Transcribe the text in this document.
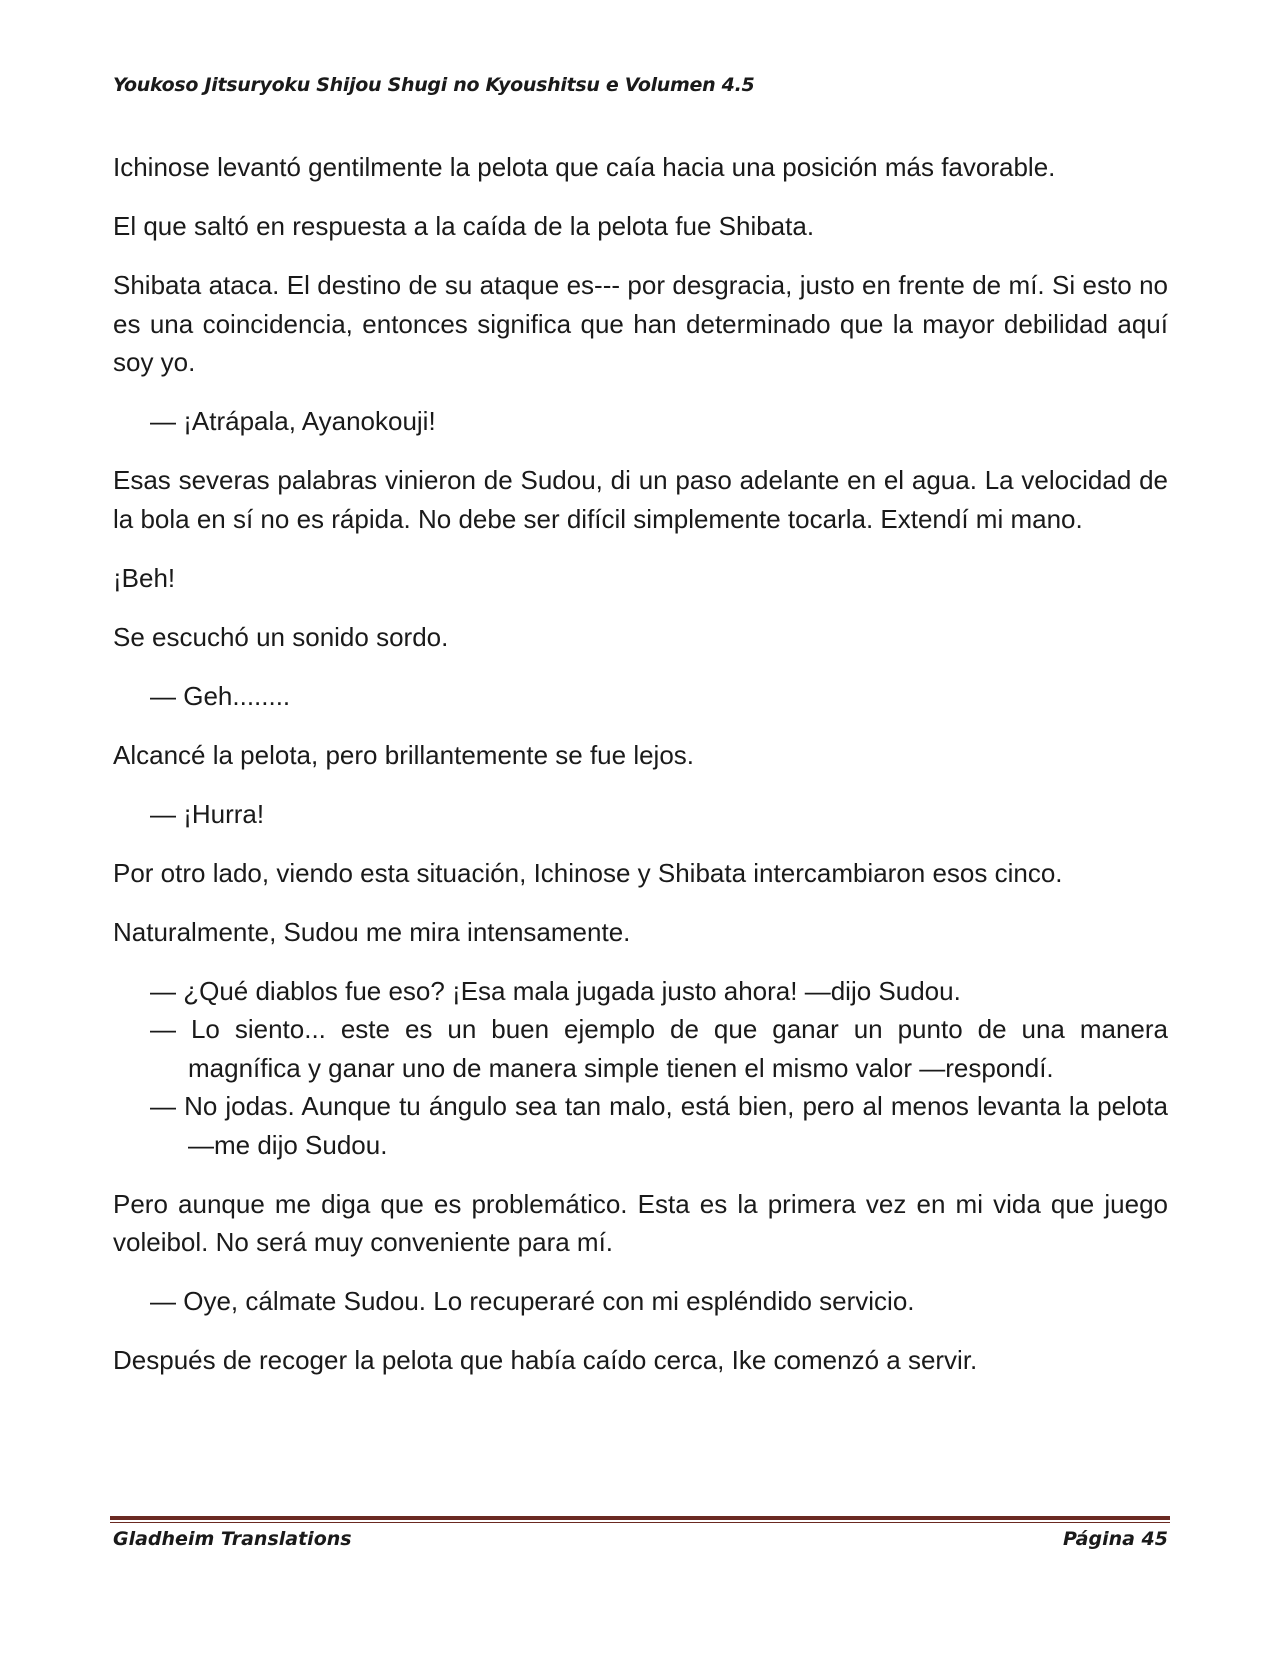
Youkoso Jitsuryoku Shijou Shugi no Kyoushitsu e Volumen 4.5

Ichinose levantó gentilmente la pelota que caía hacia una posición más favorable.

El que saltó en respuesta a la caída de la pelota fue Shibata.

Shibata ataca. El destino de su ataque es--- por desgracia, justo en frente de mí. Si esto no es una coincidencia, entonces significa que han determinado que la mayor debilidad aquí soy yo.

— ¡Atrápala, Ayanokouji!

Esas severas palabras vinieron de Sudou, di un paso adelante en el agua. La velocidad de la bola en sí no es rápida. No debe ser difícil simplemente tocarla. Extendí mi mano.

¡Beh!

Se escuchó un sonido sordo.

— Geh........

Alcancé la pelota, pero brillantemente se fue lejos.

— ¡Hurra!

Por otro lado, viendo esta situación, Ichinose y Shibata intercambiaron esos cinco.

Naturalmente, Sudou me mira intensamente.

— ¿Qué diablos fue eso? ¡Esa mala jugada justo ahora! —dijo Sudou.

— Lo siento... este es un buen ejemplo de que ganar un punto de una manera magnífica y ganar uno de manera simple tienen el mismo valor —respondí.

— No jodas. Aunque tu ángulo sea tan malo, está bien, pero al menos levanta la pelota —me dijo Sudou.

Pero aunque me diga que es problemático. Esta es la primera vez en mi vida que juego voleibol. No será muy conveniente para mí.

— Oye, cálmate Sudou. Lo recuperaré con mi espléndido servicio.

Después de recoger la pelota que había caído cerca, Ike comenzó a servir.

Gladheim Translations	Página 45
